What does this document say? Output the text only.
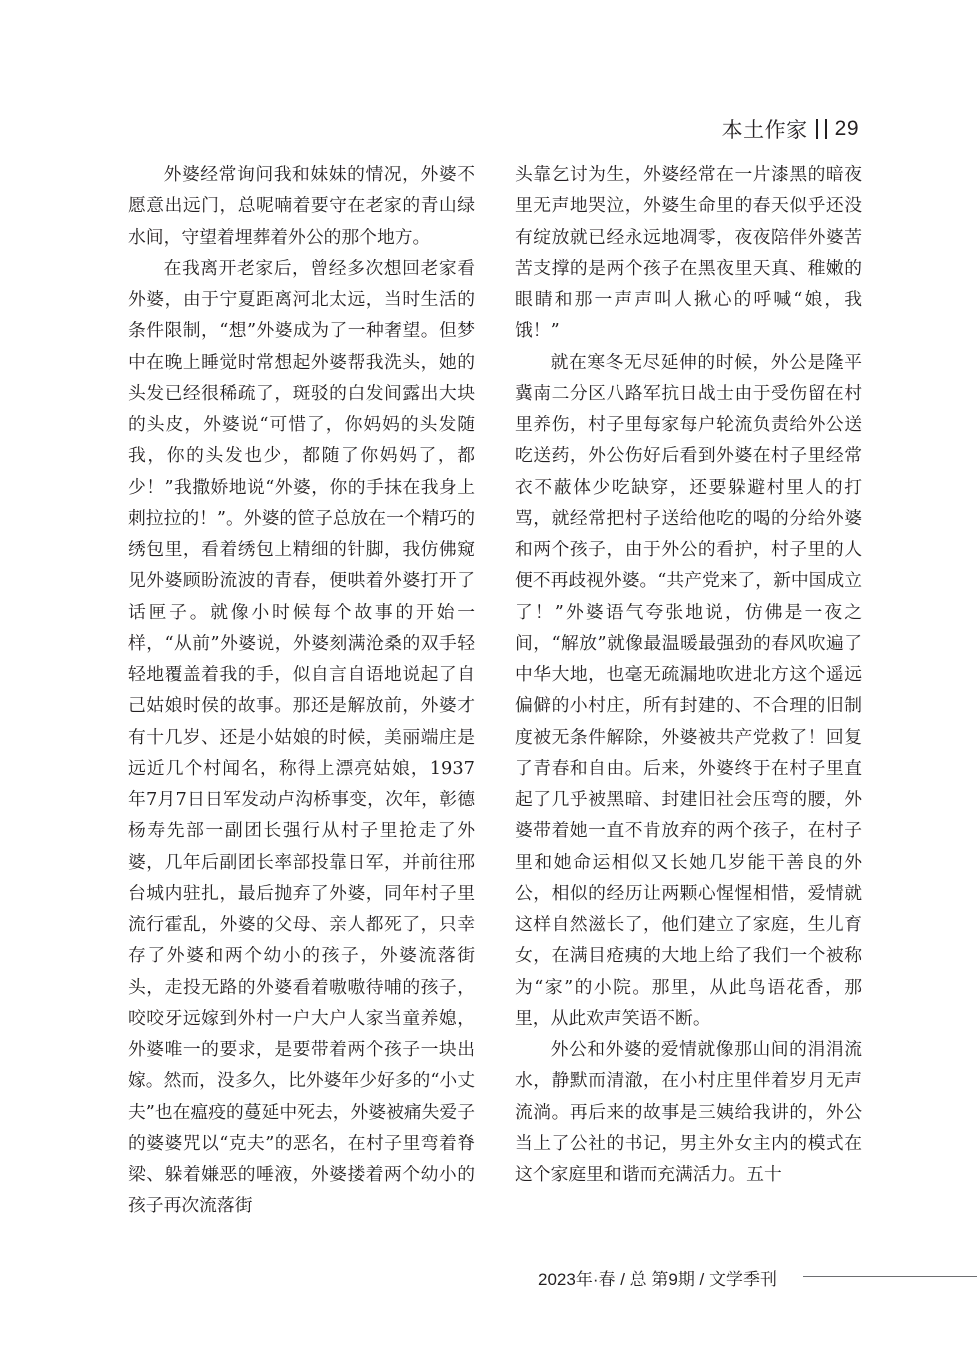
本土作家 29

外婆经常询问我和妹妹的情况，外婆不愿意出远门，总呢喃着要守在老家的青山绿水间，守望着埋葬着外公的那个地方。

在我离开老家后，曾经多次想回老家看外婆，由于宁夏距离河北太远，当时生活的条件限制，“想”外婆成为了一种奢望。但梦中在晚上睡觉时常想起外婆帮我洗头，她的头发已经很稀疏了，斑驳的白发间露出大块的头皮，外婆说“可惜了，你妈妈的头发随我，你的头发也少，都随了你妈妈了，都少！”我撒娇地说“外婆，你的手抹在我身上刺拉拉的！”。外婆的笸子总放在一个精巧的绣包里，看着绣包上精细的针脚，我仿佛窥见外婆顾盼流波的青春，便哄着外婆打开了话匣子。就像小时候每个故事的开始一样，“从前”外婆说，外婆刻满沧桑的双手轻轻地覆盖着我的手，似自言自语地说起了自己姑娘时侯的故事。那还是解放前，外婆才有十几岁、还是小姑娘的时候，美丽端庄是远近几个村闻名，称得上漂亮姑娘，1937年7月7日日军发动卢沟桥事变，次年，彰德杨寿先部一副团长强行从村子里抢走了外婆，几年后副团长率部投靠日军，并前往邢台城内驻扎，最后抛弃了外婆，同年村子里流行霍乱，外婆的父母、亲人都死了，只幸存了外婆和两个幼小的孩子，外婆流落街头，走投无路的外婆看着嗷嗷待哺的孩子，咬咬牙远嫁到外村一户大户人家当童养媳，外婆唯一的要求，是要带着两个孩子一块出嫁。然而，没多久，比外婆年少好多的“小丈夫”也在瘟疫的蔓延中死去，外婆被痛失爱子的婆婆咒以“克夫”的恶名，在村子里弯着脊梁、躲着嫌恶的唾液，外婆搂着两个幼小的孩子再次流落街

头靠乞讨为生，外婆经常在一片漆黑的暗夜里无声地哭泣，外婆生命里的春天似乎还没有绽放就已经永远地凋零，夜夜陪伴外婆苦苦支撑的是两个孩子在黑夜里天真、稚嫩的眼睛和那一声声叫人揪心的呼喊“娘，我饿！”

就在寒冬无尽延伸的时候，外公是隆平冀南二分区八路军抗日战士由于受伤留在村里养伤，村子里每家每户轮流负责给外公送吃送药，外公伤好后看到外婆在村子里经常衣不蔽体少吃缺穿，还要躲避村里人的打骂，就经常把村子送给他吃的喝的分给外婆和两个孩子，由于外公的看护，村子里的人便不再歧视外婆。“共产党来了，新中国成立了！”外婆语气夸张地说，仿佛是一夜之间，“解放”就像最温暖最强劲的春风吹遍了中华大地，也毫无疏漏地吹进北方这个遥远偏僻的小村庄，所有封建的、不合理的旧制度被无条件解除，外婆被共产党救了！回复了青春和自由。后来，外婆终于在村子里直起了几乎被黑暗、封建旧社会压弯的腰，外婆带着她一直不肯放弃的两个孩子，在村子里和她命运相似又长她几岁能干善良的外公，相似的经历让两颗心惺惺相惜，爱情就这样自然滋长了，他们建立了家庭，生儿育女，在满目疮痍的大地上给了我们一个被称为“家”的小院。那里，从此鸟语花香，那里，从此欢声笑语不断。

外公和外婆的爱情就像那山间的涓涓流水，静默而清澈，在小村庄里伴着岁月无声流淌。再后来的故事是三姨给我讲的，外公当上了公社的书记，男主外女主内的模式在这个家庭里和谐而充满活力。五十

2023年·春 / 总 第9期 / 文学季刊
